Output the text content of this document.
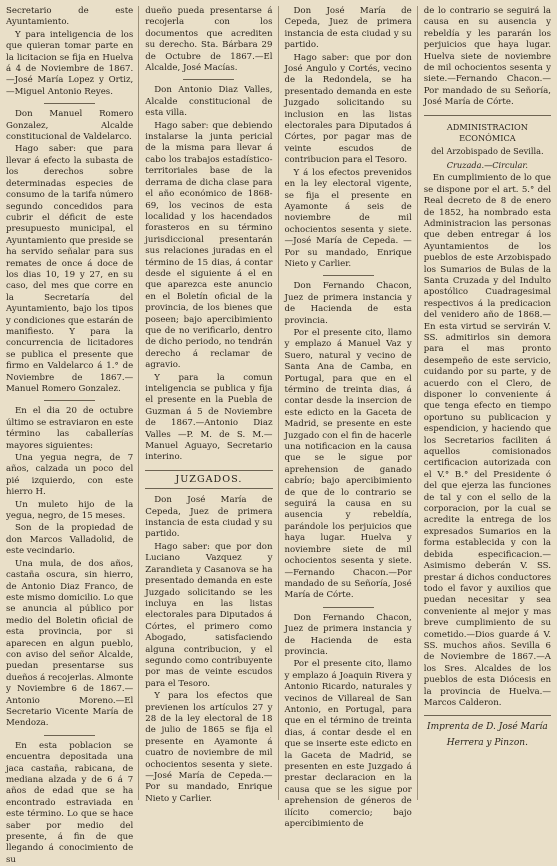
Secretario de este Ayuntamiento.

Y para inteligencia de los que quieran tomar parte en la licitacion se fija en Huelva á 4 de Noviembre de 1867. —José María Lopez y Ortiz, —Miguel Antonio Reyes.

Don Manuel Romero Gonzalez, Alcalde constitucional de Valdelarco.

Hago saber: que para llevar á efecto la subasta de los derechos sobre determinadas especies de consumo de la tarifa número segundo concedidos para cubrir el déficit de este presupuesto municipal, el Ayuntamiento que preside se ha servido señalar para sus remates de once á doce de los dias 10, 19 y 27, en su caso, del mes que corre en la Secretaría del Ayuntamiento, bajo los tipos y condiciones que estarán de manifiesto. Y para la concurrencia de licitadores se publica el presente que firmo en Valdelarco á 1.° de Noviembre de 1867.—Manuel Romero Gonzalez.

En el dia 20 de octubre último se estraviaron en este término las caballerías mayores siguientes:

Una yegua negra, de 7 años, calzada un poco del pié izquierdo, con este hierro H.

Un muleto hijo de la yegua, negro, de 15 meses.

Son de la propiedad de don Marcos Valladolid, de este vecindario.

Una mula, de dos años, castaña oscura, sin hierro, de Antonio Diaz Franco, de este mismo domicilio. Lo que se anuncia al público por medio del Boletin oficial de esta provincia, por si aparecen en algun pueblo, con aviso del señor Alcalde, puedan presentarse sus dueños á recojerlas. Almonte y Noviembre 6 de 1867.—Antonio Moreno.—El Secretario Vicente María de Mendoza.

En esta poblacion se encuentra depositada una jaca castaña, rabicana, de mediana alzada y de 6 á 7 años de edad que se ha encontrado estraviada en este término. Lo que se hace saber por medio del presente, á fin de que llegando á conocimiento de su

dueño pueda presentarse á recojerla con los documentos que acrediten su derecho. Sta. Bárbara 29 de Octubre de 1867.—El Alcalde, José Macías.

Don Antonio Diaz Valles, Alcalde constitucional de esta villa.

Hago saber: que debiendo instalarse la junta pericial de la misma para llevar á cabo los trabajos estadístico-territoriales base de la derrama de dicha clase para el año económico de 1868-69, los vecinos de esta localidad y los hacendados forasteros en su término jurisdiccional presentarán sus relaciones juradas en el término de 15 dias, á contar desde el siguiente á el en que aparezca este anuncio en el Boletín oficial de la provincia, de los bienes que poseen; bajo apercibimiento que de no verificarlo, dentro de dicho periodo, no tendrán derecho á reclamar de agravio.

Y para la comun inteligencia se publica y fija el presente en la Puebla de Guzman á 5 de Noviembre de 1867.—Antonio Diaz Valles —P. M. de S. M.—Manuel Aguayo, Secretario interino.

JUZGADOS.

Don José María de Cepeda, Juez de primera instancia de esta ciudad y su partido.

Hago saber: que por don Luciano Vazquez y Zarandieta y Casanova se ha presentado demanda en este Juzgado solicitando se les incluya en las listas electorales para Diputados á Córtes, el primero como Abogado, satisfaciendo alguna contribucion, y el segundo como contribuyente por mas de veinte escudos para el Tesoro.

Y para los efectos que previenen los artículos 27 y 28 de la ley electoral de 18 de julio de 1865 se fija el presente en Ayamonte á cuatro de noviembre de mil ochocientos sesenta y siete.—José María de Cepeda.—Por su mandado, Enrique Nieto y Carlier.

Don José María de Cepeda, Juez de primera instancia de esta ciudad y su partido.

Hago saber: que por don José Angulo y Cortés, vecino de la Redondela, se ha presentado demanda en este Juzgado solicitando su inclusion en las listas electorales para Diputados á Córtes, por pagar mas de veinte escudos de contribucion para el Tesoro.

Y á los efectos prevenidos en la ley electoral vigente, se fija el presente en Ayamonte á seis de noviembre de mil ochocientos sesenta y siete.—José María de Cepeda. —Por su mandado, Enrique Nieto y Carlier.

Don Fernando Chacon, Juez de primera instancia y de Hacienda de esta provincia.

Por el presente cito, llamo y emplazo á Manuel Vaz y Suero, natural y vecino de Santa Ana de Camba, en Portugal, para que en el término de treinta dias, á contar desde la insercion de este edicto en la Gaceta de Madrid, se presente en este Juzgado con el fin de hacerle una notificacion en la causa que se le sigue por aprehension de ganado cabrío; bajo apercibimiento de que de lo contrario se seguirá la causa en su ausencia y rebeldía, parándole los perjuicios que haya lugar. Huelva y noviembre siete de mil ochocientos sesenta y siete.—Fernando Chacon.—Por mandado de su Señoría, José María de Córte.

Don Fernando Chacon, Juez de primera instancia y de Hacienda de esta provincia.

Por el presente cito, llamo y emplazo á Joaquin Rivera y Antonio Ricardo, naturales y vecinos de Villareal de San Antonio, en Portugal, para que en el término de treinta dias, á contar desde el en que se inserte este edicto en la Gaceta de Madrid, se presenten en este Juzgado á prestar declaracion en la causa que se les sigue por aprehension de géneros de ilícito comercio; bajo apercibimiento de

de lo contrario se seguirá la causa en su ausencia y rebeldía y les pararán los perjuicios que haya lugar. Huelva siete de noviembre de mil ochocientos sesenta y siete.—Fernando Chacon.—Por mandado de su Señoría, José María de Córte.

ADMINISTRACION ECONÓMICA
del Arzobispado de Sevilla.
Cruzada.—Circular.

En cumplimiento de lo que se dispone por el art. 5.° del Real decreto de 8 de enero de 1852, ha nombrado esta Administracion las personas que deben entregar á los Ayuntamientos de los pueblos de este Arzobispado los Sumarios de Bulas de la Santa Cruzada y del Indulto apostólico Cuadragesimal respectivos á la predicacion del venidero año de 1868.—En esta virtud se servirán V. SS. admitirlos sin demora para el mas pronto desempeño de este servicio, cuidando por su parte, y de acuerdo con el Clero, de disponer lo conveniente á que tenga efecto en tiempo oportuno su publicacion y espendicion, y haciendo que los Secretarios faciliten á aquellos comisionados certificacion autorizada con el V.° B.° del Presidente ó del que ejerza las funciones de tal y con el sello de la corporacion, por la cual se acredite la entrega de los expresados Sumarios en la forma establecida y con la debida especificacion.—Asimismo deberán V. SS. prestar á dichos conductores todo el favor y auxilios que puedan necesitar y sea conveniente al mejor y mas breve cumplimiento de su cometido.—Dios guarde á V. SS. muchos años. Sevilla 6 de Noviembre de 1867.—A los Sres. Alcaldes de los pueblos de esta Diócesis en la provincia de Huelva.—Marcos Calderon.

Imprenta de D. José María
Herrera y Pinzon.
